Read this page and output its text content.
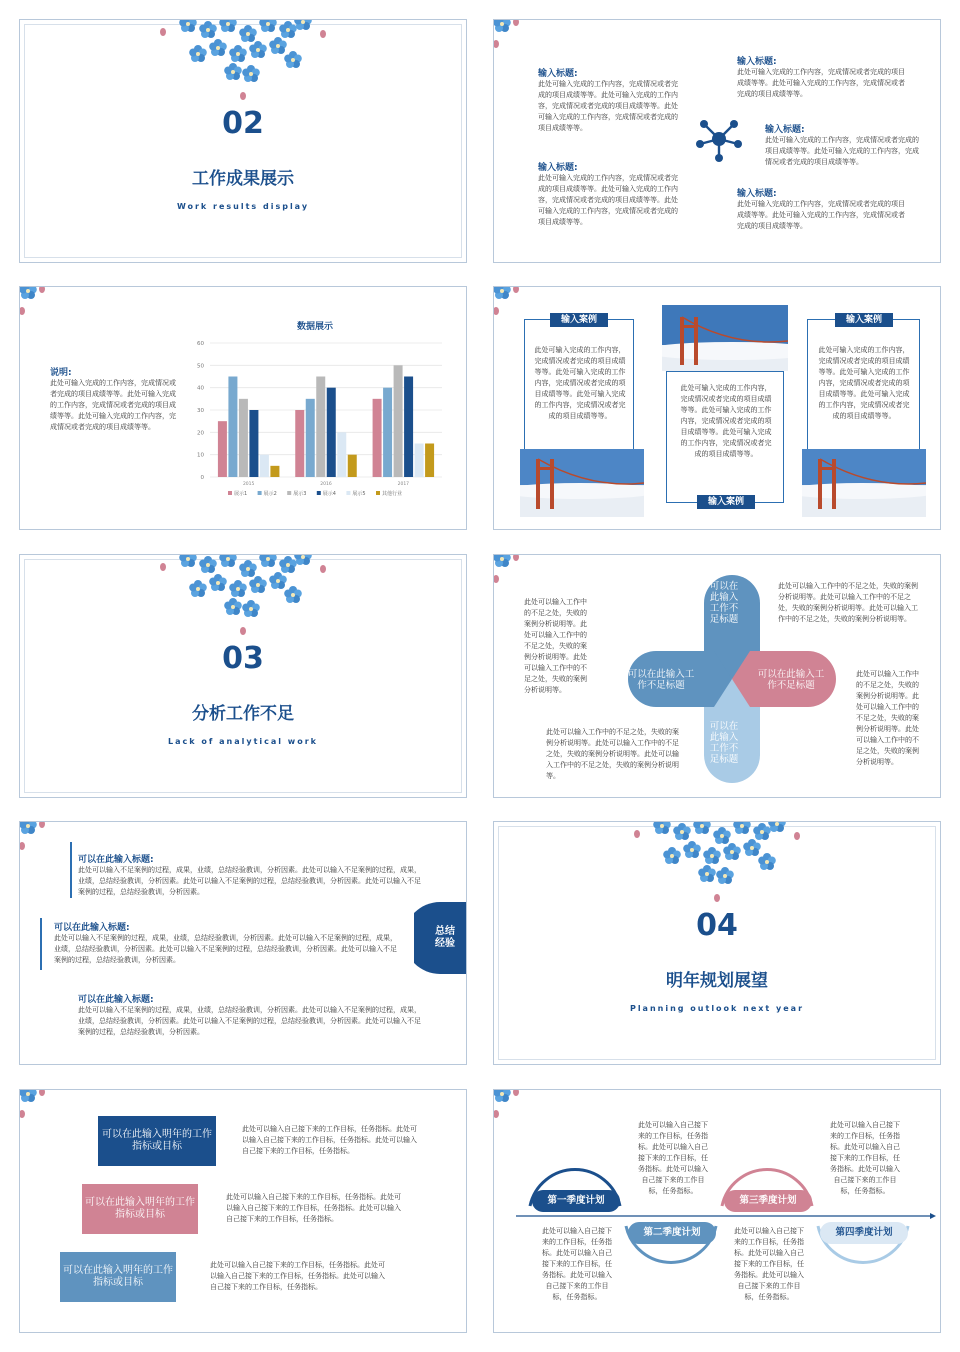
02
工作成果展示
Work results display
输入标题:
此处可输入完成的工作内容，完成情况或者完成的项目成绩等等。此处可输入完成的工作内容，完成情况或者完成的项目成绩等等。此处可输入完成的工作内容，完成情况或者完成的项目成绩等等。
输入标题:
此处可输入完成的工作内容，完成情况或者完成的项目成绩等等。此处可输入完成的工作内容，完成情况或者完成的项目成绩等等。此处可输入完成的工作内容，完成情况或者完成的项目成绩等等。
输入标题:
此处可输入完成的工作内容，完成情况或者完成的项目成绩等等。此处可输入完成的工作内容，完成情况或者完成的项目成绩等等。
输入标题:
此处可输入完成的工作内容，完成情况或者完成的项目成绩等等。此处可输入完成的工作内容，完成情况或者完成的项目成绩等等。
输入标题:
此处可输入完成的工作内容，完成情况或者完成的项目成绩等等。此处可输入完成的工作内容，完成情况或者完成的项目成绩等等。
说明:
此处可输入完成的工作内容，完成情况或者完成的项目成绩等等。此处可输入完成的工作内容，完成情况或者完成的项目成绩等等。此处可输入完成的工作内容，完成情况或者完成的项目成绩等等。
数据展示
0
10
20
30
40
50
60
2015	2016	2017
展示1	展示2	展示3	展示4	展示5	其他行业
输入案例
此处可输入完成的工作内容，完成情况或者完成的项目成绩等等。此处可输入完成的工作内容，完成情况或者完成的项目成绩等等。此处可输入完成的工作内容，完成情况或者完成的项目成绩等等。
此处可输入完成的工作内容，完成情况或者完成的项目成绩等等。此处可输入完成的工作内容，完成情况或者完成的项目成绩等等。此处可输入完成的工作内容，完成情况或者完成的项目成绩等等。
输入案例
输入案例
此处可输入完成的工作内容，完成情况或者完成的项目成绩等等。此处可输入完成的工作内容，完成情况或者完成的项目成绩等等。此处可输入完成的工作内容，完成情况或者完成的项目成绩等等。
03
分析工作不足
Lack of analytical work
可以在此输入工作不足标题
可以在此输入工作不足标题
可以在此输入工作不足标题
可以在此输入工作不足标题
此处可以输入工作中的不足之处，失败的案例分析说明等。此处可以输入工作中的不足之处，失败的案例分析说明等。此处可以输入工作中的不足之处，失败的案例分析说明等。
此处可以输入工作中的不足之处，失败的案例分析说明等。此处可以输入工作中的不足之处，失败的案例分析说明等。此处可以输入工作中的不足之处，失败的案例分析说明等。
此处可以输入工作中的不足之处，失败的案例分析说明等。此处可以输入工作中的不足之处，失败的案例分析说明等。此处可以输入工作中的不足之处，失败的案例分析说明等。
此处可以输入工作中的不足之处，失败的案例分析说明等。此处可以输入工作中的不足之处，失败的案例分析说明等。此处可以输入工作中的不足之处，失败的案例分析说明等。
可以在此输入标题:
此处可以输入不足案例的过程，成果，业绩，总结经验教训，分析因素。此处可以输入不足案例的过程，成果，业绩，总结经验教训，分析因素。此处可以输入不足案例的过程，总结经验教训，分析因素。此处可以输入不足案例的过程，总结经验教训，分析因素。
可以在此输入标题:
此处可以输入不足案例的过程，成果，业绩，总结经验教训，分析因素。此处可以输入不足案例的过程，成果，业绩，总结经验教训，分析因素。此处可以输入不足案例的过程，总结经验教训，分析因素。此处可以输入不足案例的过程，总结经验教训，分析因素。
可以在此输入标题:
此处可以输入不足案例的过程，成果，业绩，总结经验教训，分析因素。此处可以输入不足案例的过程，成果，业绩，总结经验教训，分析因素。此处可以输入不足案例的过程，总结经验教训，分析因素。此处可以输入不足案例的过程，总结经验教训，分析因素。
总结
经验
04
明年规划展望
Planning outlook next year
可以在此输入明年的工作指标或目标
此处可以输入自己接下来的工作目标，任务指标。此处可以输入自己接下来的工作目标，任务指标。此处可以输入自己接下来的工作目标，任务指标。
可以在此输入明年的工作指标或目标
此处可以输入自己接下来的工作目标，任务指标。此处可以输入自己接下来的工作目标，任务指标。此处可以输入自己接下来的工作目标，任务指标。
可以在此输入明年的工作指标或目标
此处可以输入自己接下来的工作目标，任务指标。此处可以输入自己接下来的工作目标，任务指标。此处可以输入自己接下来的工作目标，任务指标。
第一季度计划
第二季度计划
第三季度计划
第四季度计划
此处可以输入自己接下来的工作目标，任务指标。此处可以输入自己接下来的工作目标，任务指标。此处可以输入自己接下来的工作目标，任务指标。
此处可以输入自己接下来的工作目标，任务指标。此处可以输入自己接下来的工作目标，任务指标。此处可以输入自己接下来的工作目标，任务指标。
此处可以输入自己接下来的工作目标，任务指标。此处可以输入自己接下来的工作目标，任务指标。此处可以输入自己接下来的工作目标，任务指标。
此处可以输入自己接下来的工作目标，任务指标。此处可以输入自己接下来的工作目标，任务指标。此处可以输入自己接下来的工作目标，任务指标。
